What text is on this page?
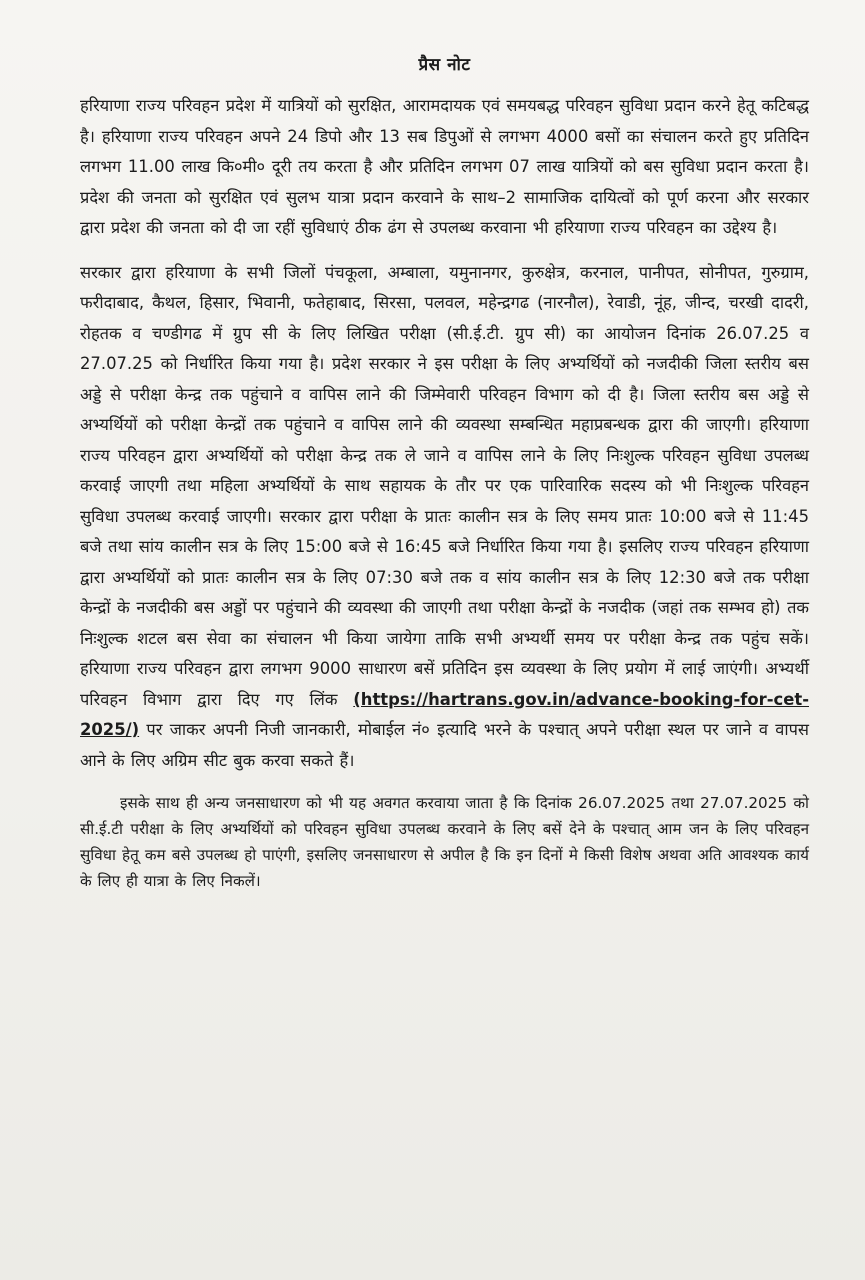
प्रैस नोट

हरियाणा राज्य परिवहन प्रदेश में यात्रियों को सुरक्षित, आरामदायक एवं समयबद्ध परिवहन सुविधा प्रदान करने हेतू कटिबद्ध है। हरियाणा राज्य परिवहन अपने 24 डिपो और 13 सब डिपुओं से लगभग 4000 बसों का संचालन करते हुए प्रतिदिन लगभग 11.00 लाख कि०मी० दूरी तय करता है और प्रतिदिन लगभग 07 लाख यात्रियों को बस सुविधा प्रदान करता है। प्रदेश की जनता को सुरक्षित एवं सुलभ यात्रा प्रदान करवाने के साथ–2 सामाजिक दायित्वों को पूर्ण करना और सरकार द्वारा प्रदेश की जनता को दी जा रहीं सुविधाएं ठीक ढंग से उपलब्ध करवाना भी हरियाणा राज्य परिवहन का उद्देश्य है।

सरकार द्वारा हरियाणा के सभी जिलों पंचकूला, अम्बाला, यमुनानगर, कुरुक्षेत्र, करनाल, पानीपत, सोनीपत, गुरुग्राम, फरीदाबाद, कैथल, हिसार, भिवानी, फतेहाबाद, सिरसा, पलवल, महेन्द्रगढ (नारनौल), रेवाडी, नूंह, जीन्द, चरखी दादरी, रोहतक व चण्डीगढ में ग्रुप सी के लिए लिखित परीक्षा (सी.ई.टी. ग्रुप सी) का आयोजन दिनांक 26.07.25 व 27.07.25 को निर्धारित किया गया है। प्रदेश सरकार ने इस परीक्षा के लिए अभ्यर्थियों को नजदीकी जिला स्तरीय बस अड्डे से परीक्षा केन्द्र तक पहुंचाने व वापिस लाने की जिम्मेवारी परिवहन विभाग को दी है। जिला स्तरीय बस अड्डे से अभ्यर्थियों को परीक्षा केन्द्रों तक पहुंचाने व वापिस लाने की व्यवस्था सम्बन्धित महाप्रबन्धक द्वारा की जाएगी। हरियाणा राज्य परिवहन द्वारा अभ्यर्थियों को परीक्षा केन्द्र तक ले जाने व वापिस लाने के लिए निःशुल्क परिवहन सुविधा उपलब्ध करवाई जाएगी तथा महिला अभ्यर्थियों के साथ सहायक के तौर पर एक पारिवारिक सदस्य को भी निःशुल्क परिवहन सुविधा उपलब्ध करवाई जाएगी। सरकार द्वारा परीक्षा के प्रातः कालीन सत्र के लिए समय प्रातः 10:00 बजे से 11:45 बजे तथा सांय कालीन सत्र के लिए 15:00 बजे से 16:45 बजे निर्धारित किया गया है। इसलिए राज्य परिवहन हरियाणा द्वारा अभ्यर्थियों को प्रातः कालीन सत्र के लिए 07:30 बजे तक व सांय कालीन सत्र के लिए 12:30 बजे तक परीक्षा केन्द्रों के नजदीकी बस अड्डों पर पहुंचाने की व्यवस्था की जाएगी तथा परीक्षा केन्द्रों के नजदीक (जहां तक सम्भव हो) तक निःशुल्क शटल बस सेवा का संचालन भी किया जायेगा ताकि सभी अभ्यर्थी समय पर परीक्षा केन्द्र तक पहुंच सकें। हरियाणा राज्य परिवहन द्वारा लगभग 9000 साधारण बसें प्रतिदिन इस व्यवस्था के लिए प्रयोग में लाई जाएंगी। अभ्यर्थी परिवहन विभाग द्वारा दिए गए लिंक (https://hartrans.gov.in/advance-booking-for-cet-2025/) पर जाकर अपनी निजी जानकारी, मोबाईल नं० इत्यादि भरने के पश्चात् अपने परीक्षा स्थल पर जाने व वापस आने के लिए अग्रिम सीट बुक करवा सकते हैं।

इसके साथ ही अन्य जनसाधारण को भी यह अवगत करवाया जाता है कि दिनांक 26.07.2025 तथा 27.07.2025 को सी.ई.टी परीक्षा के लिए अभ्यर्थियों को परिवहन सुविधा उपलब्ध करवाने के लिए बसें देने के पश्चात् आम जन के लिए परिवहन सुविधा हेतू कम बसे उपलब्ध हो पाएंगी, इसलिए जनसाधारण से अपील है कि इन दिनों मे किसी विशेष अथवा अति आवश्यक कार्य के लिए ही यात्रा के लिए निकलें।
